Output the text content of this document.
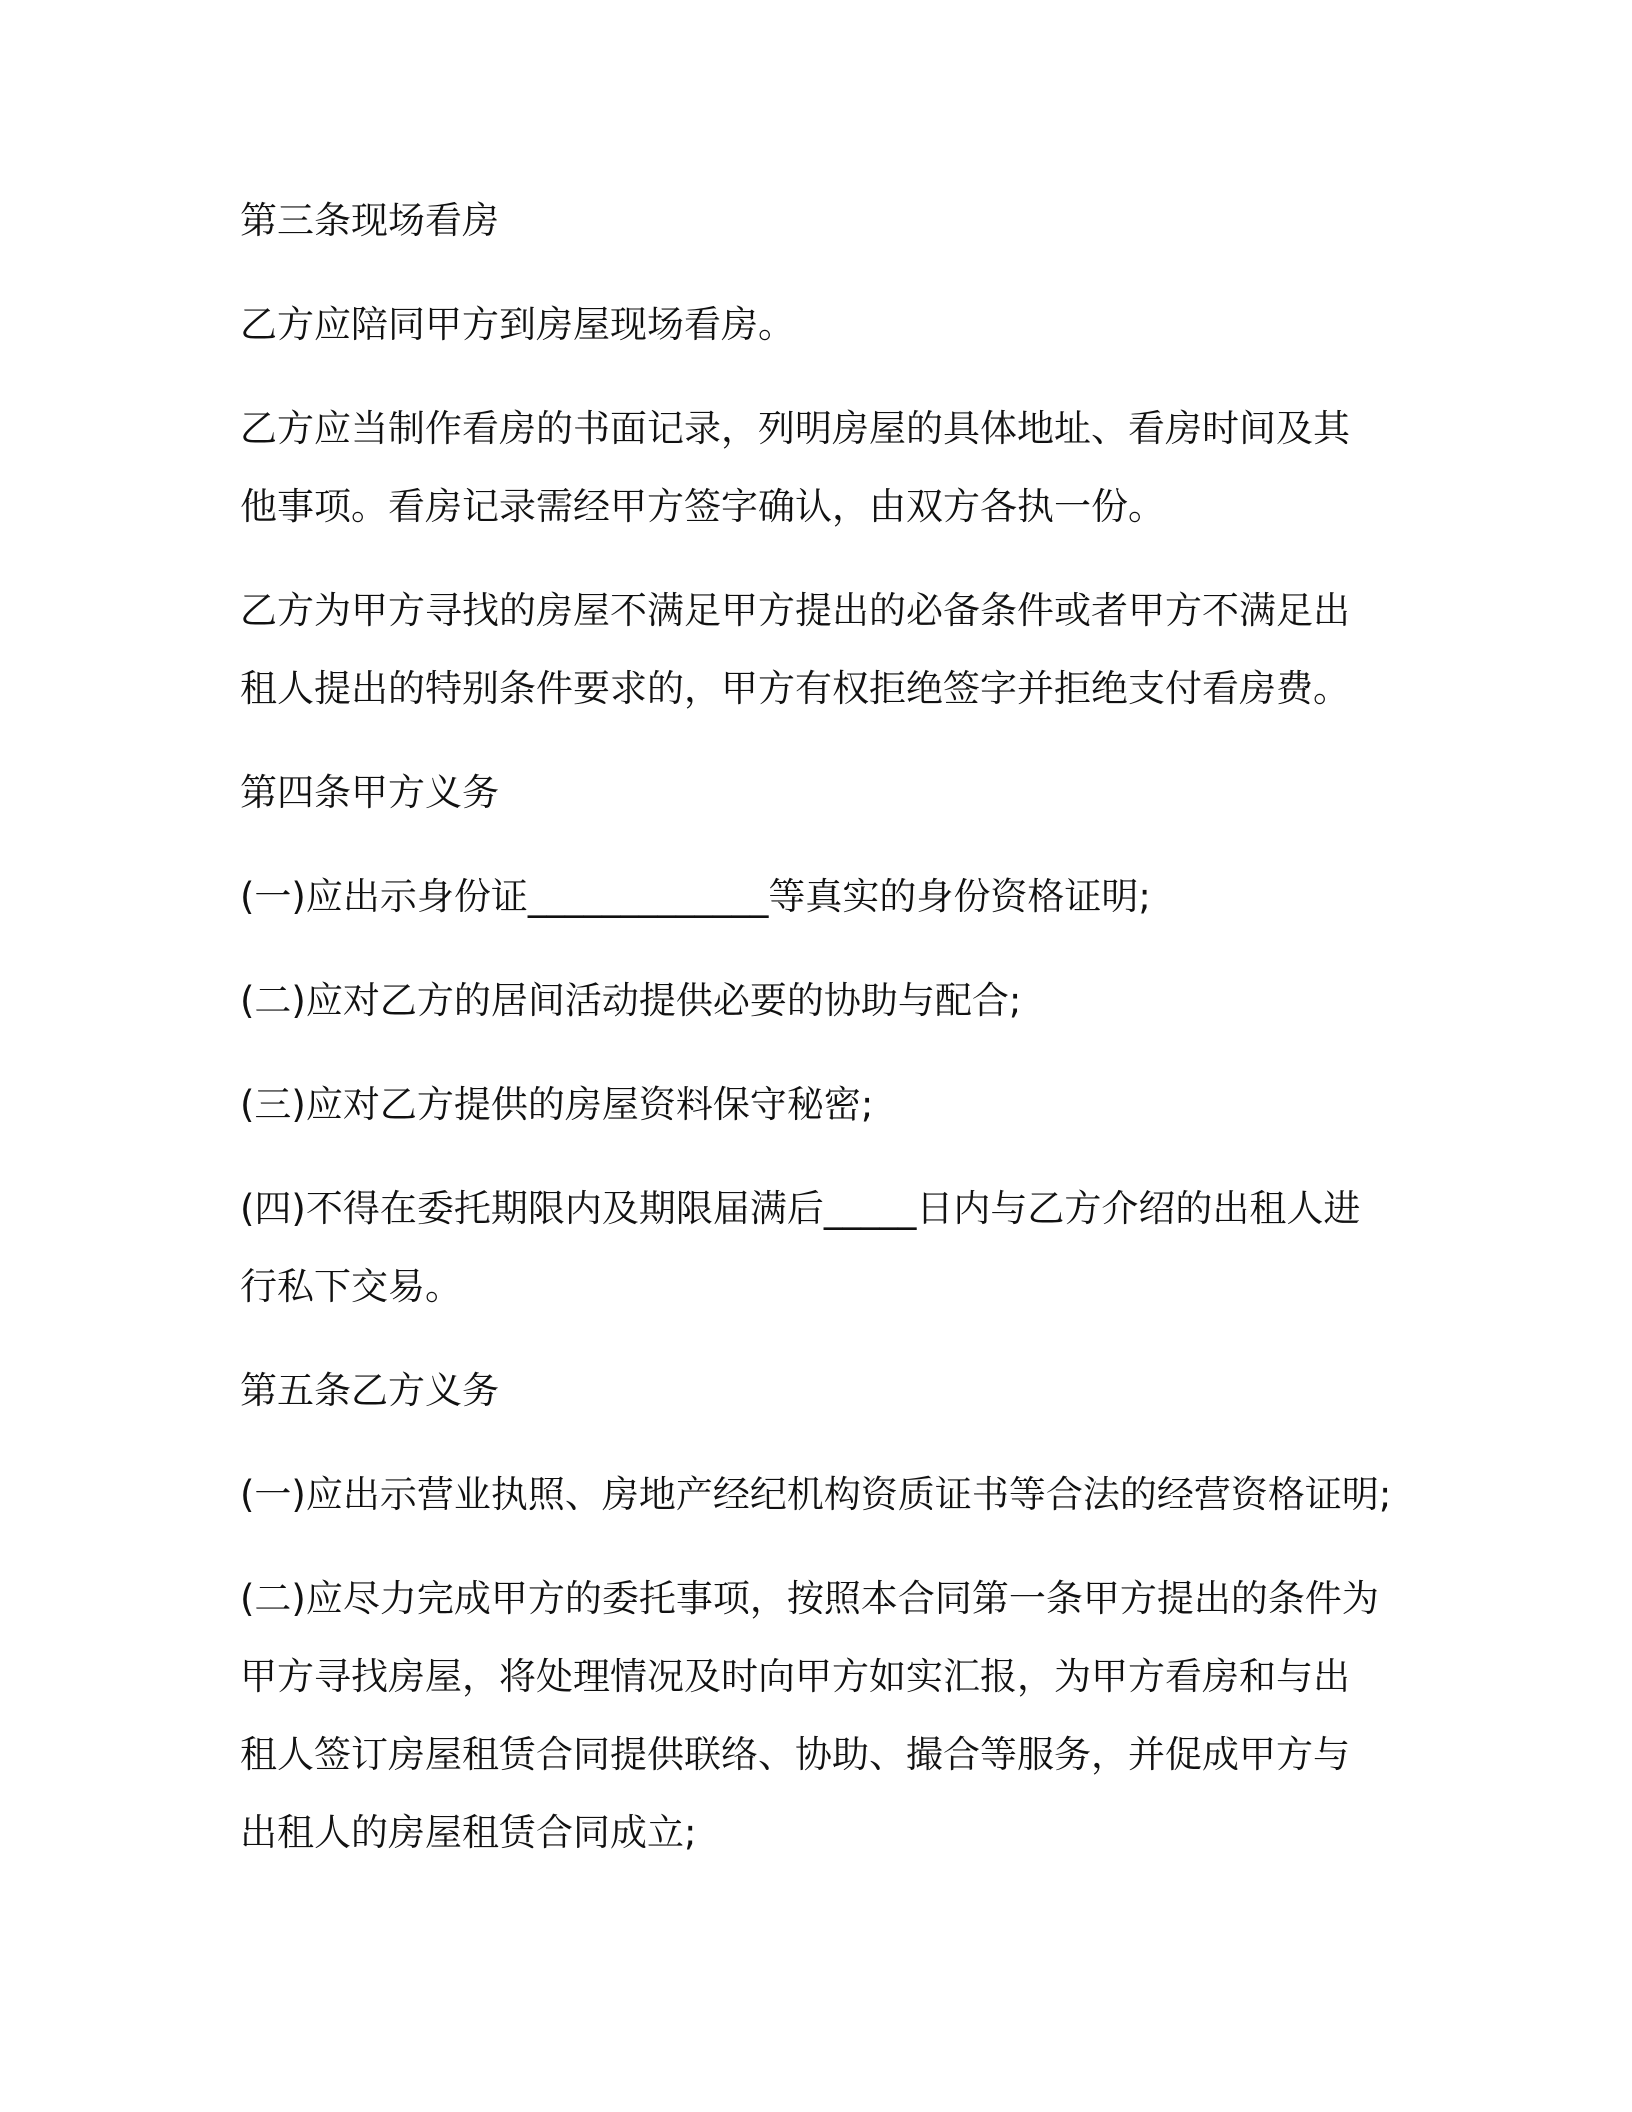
第三条现场看房

乙方应陪同甲方到房屋现场看房。

乙方应当制作看房的书面记录，列明房屋的具体地址、看房时间及其
他事项。看房记录需经甲方签字确认，由双方各执一份。

乙方为甲方寻找的房屋不满足甲方提出的必备条件或者甲方不满足出
租人提出的特别条件要求的，甲方有权拒绝签字并拒绝支付看房费。

第四条甲方义务

(一)应出示身份证_____________等真实的身份资格证明;

(二)应对乙方的居间活动提供必要的协助与配合;

(三)应对乙方提供的房屋资料保守秘密;

(四)不得在委托期限内及期限届满后_____日内与乙方介绍的出租人进
行私下交易。

第五条乙方义务

(一)应出示营业执照、房地产经纪机构资质证书等合法的经营资格证明;

(二)应尽力完成甲方的委托事项，按照本合同第一条甲方提出的条件为
甲方寻找房屋，将处理情况及时向甲方如实汇报，为甲方看房和与出
租人签订房屋租赁合同提供联络、协助、撮合等服务，并促成甲方与
出租人的房屋租赁合同成立;
